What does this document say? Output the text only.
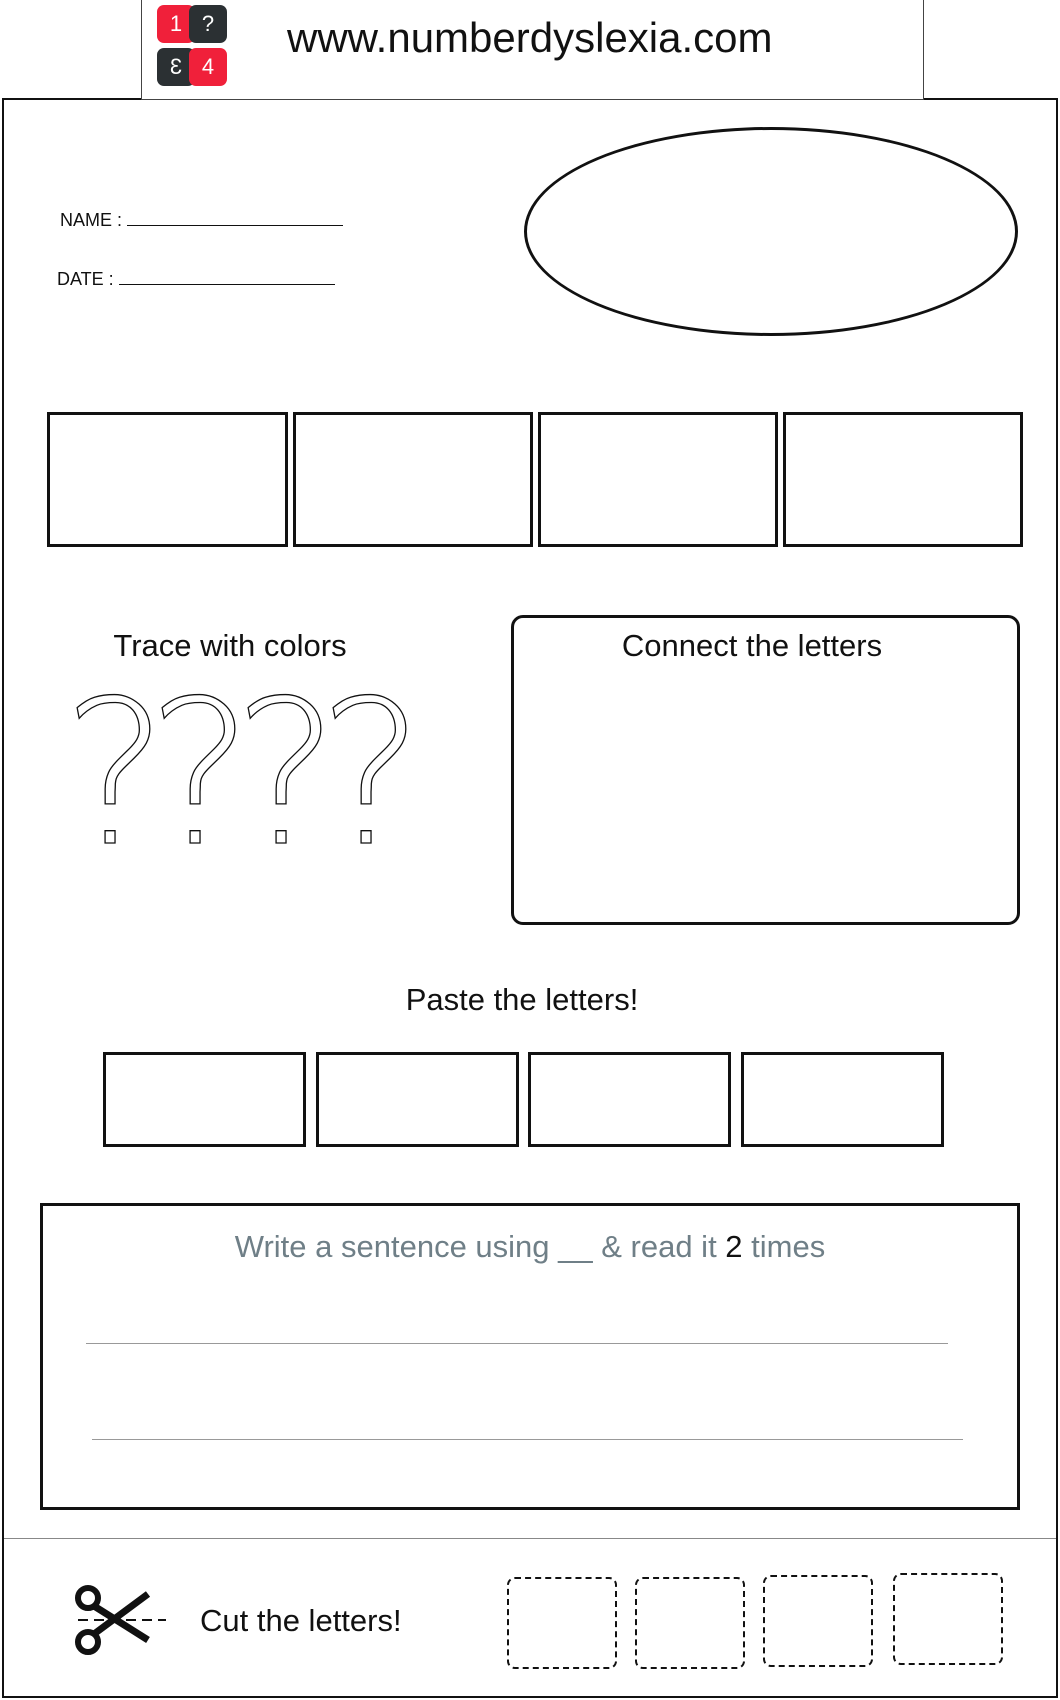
1 ?
3 4
www.numberdyslexia.com
NAME :
DATE :
Trace with colors
?
?
?
?
Connect the letters
Paste the letters!
Write a sentence using __ & read it 2 times
Cut the letters!
